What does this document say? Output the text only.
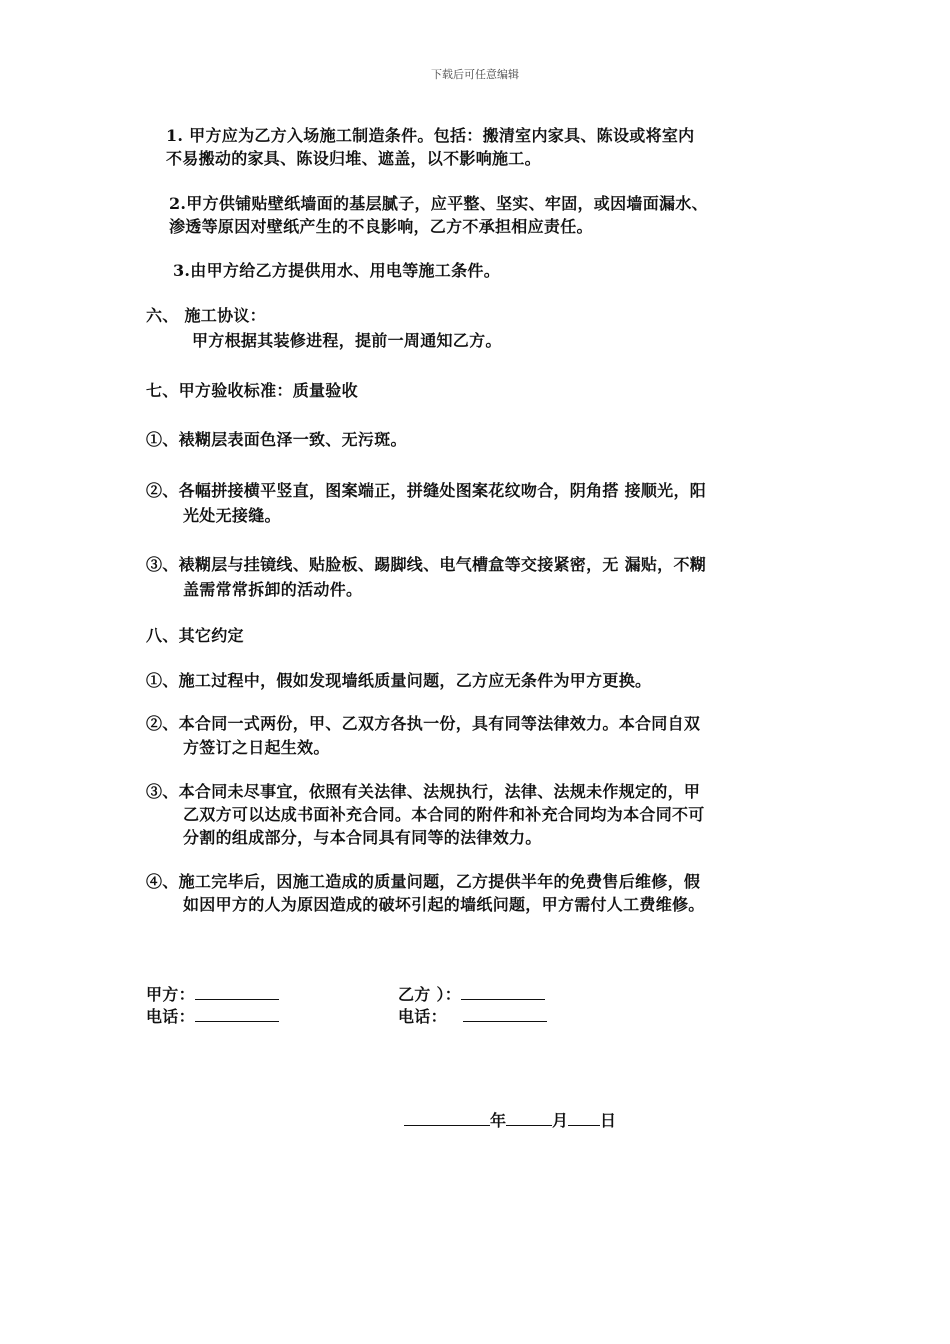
下载后可任意编辑
1. 甲方应为乙方入场施工制造条件。包括：搬清室内家具、陈设或将室内
不易搬动的家具、陈设归堆、遮盖，以不影响施工。
2.甲方供铺贴壁纸墙面的基层腻子，应平整、坚实、牢固，或因墙面漏水、
渗透等原因对壁纸产生的不良影响，乙方不承担相应责任。
3.由甲方给乙方提供用水、用电等施工条件。
六、 施工协议：
甲方根据其装修进程，提前一周通知乙方。
七、甲方验收标准：质量验收
①、裱糊层表面色泽一致、无污斑。
②、各幅拼接横平竖直，图案端正，拼缝处图案花纹吻合，阴角搭 接顺光，阳
光处无接缝。
③、裱糊层与挂镜线、贴脸板、踢脚线、电气槽盒等交接紧密，无 漏贴，不糊
盖需常常拆卸的活动件。
八、其它约定
①、施工过程中，假如发现墙纸质量问题，乙方应无条件为甲方更换。
②、本合同一式两份，甲、乙双方各执一份，具有同等法律效力。本合同自双
方签订之日起生效。
③、本合同未尽事宜，依照有关法律、法规执行，法律、法规未作规定的，甲
乙双方可以达成书面补充合同。本合同的附件和补充合同均为本合同不可
分割的组成部分，与本合同具有同等的法律效力。
④、施工完毕后，因施工造成的质量问题，乙方提供半年的免费售后维修，假
如因甲方的人为原因造成的破坏引起的墙纸问题，甲方需付人工费维修。
甲方：
电话：
乙方 ）：
电话：
年	月 日
